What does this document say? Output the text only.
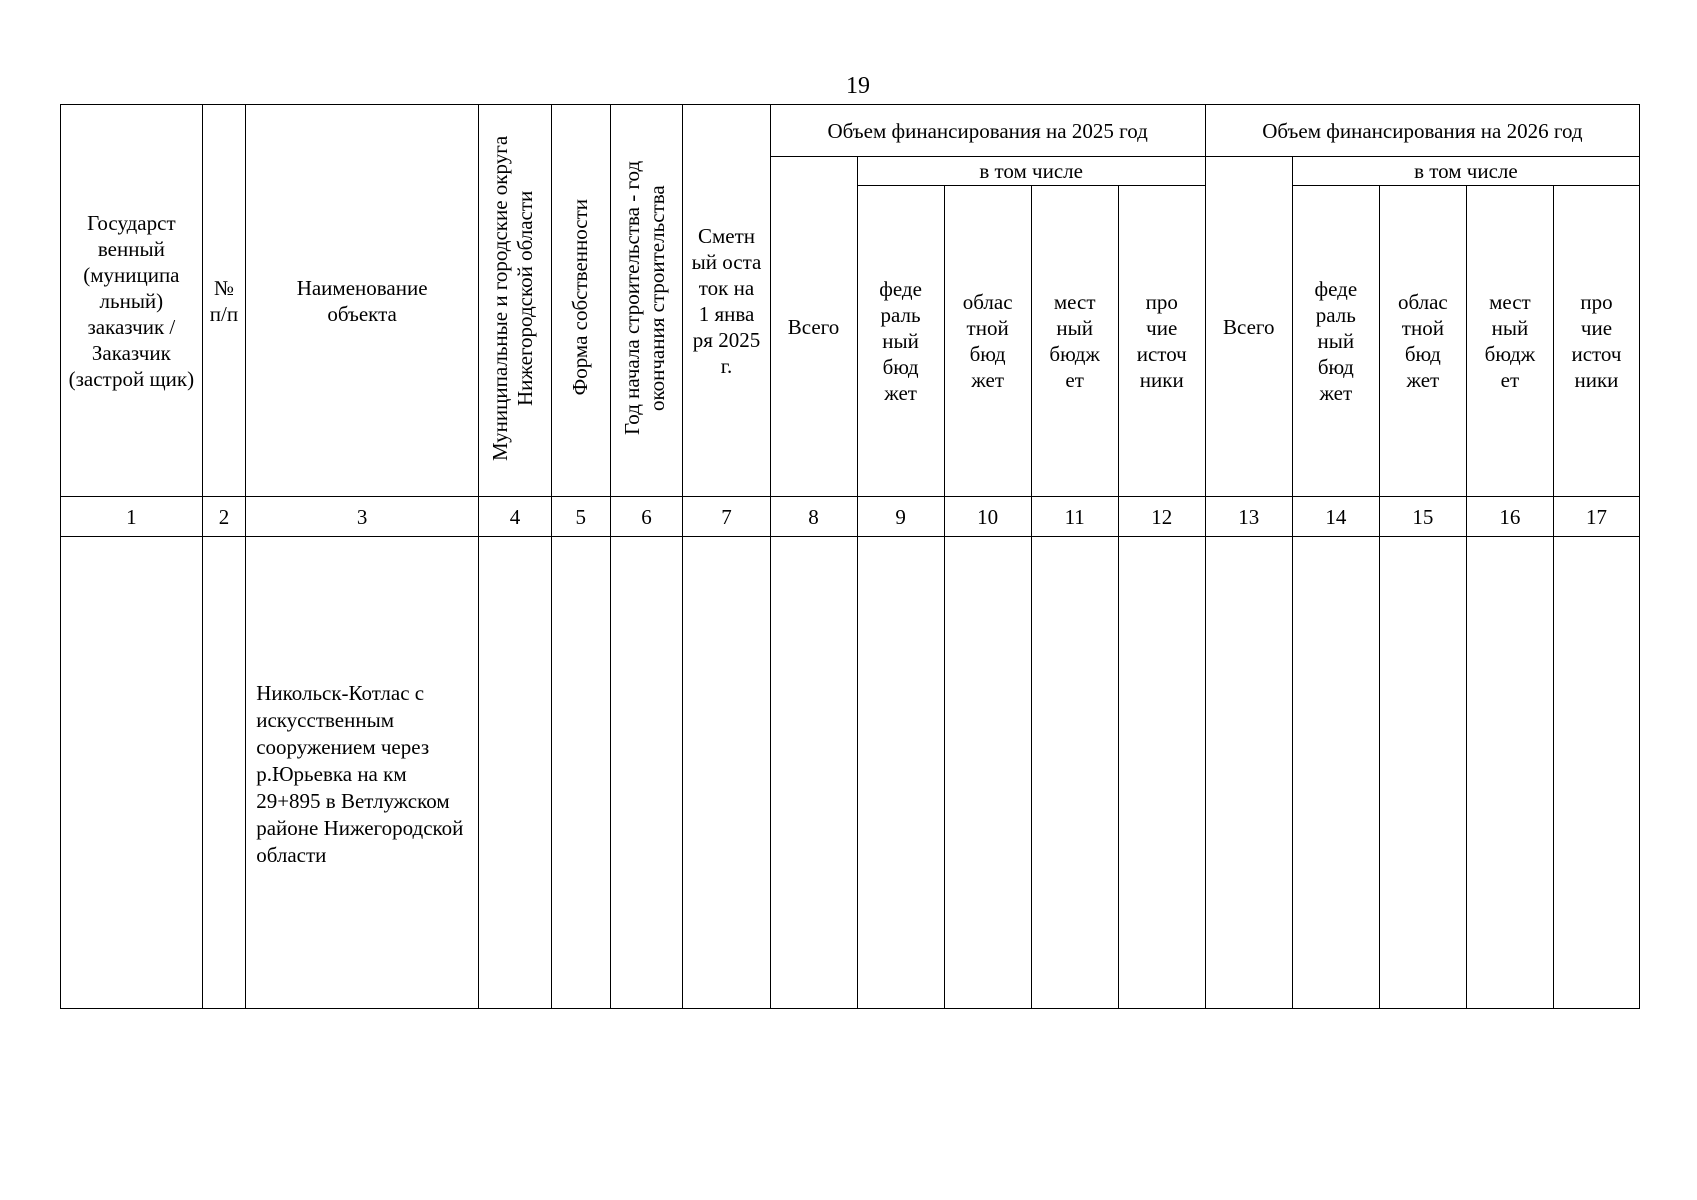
19
Государст венный (муниципа льный) заказчик / Заказчик (застрой щик)	№ п/п	Наименование объекта	Муниципальные и городские округа Нижегородской области	Форма собственности	Год начала строительства - год окончания строительства	Сметн ый оста ток на 1 янва ря 2025 г.	Объем финансирования на 2025 год					Объем финансирования на 2026 год				
							Всего	в том числе				Всего	в том числе			

								феде раль ный бюд жет	облас тной бюд жет	мест ный бюдж ет	про чие источ ники		феде раль ный бюд жет	облас тной бюд жет	мест ный бюдж ет	про чие источ ники

1	2	3	4	5	6	7	8	9	10	11	12	13	14	15	16	17
		Никольск-Котлас с искусственным сооружением через р.Юрьевка на км 29+895 в Ветлужском районе Нижегородской области														
